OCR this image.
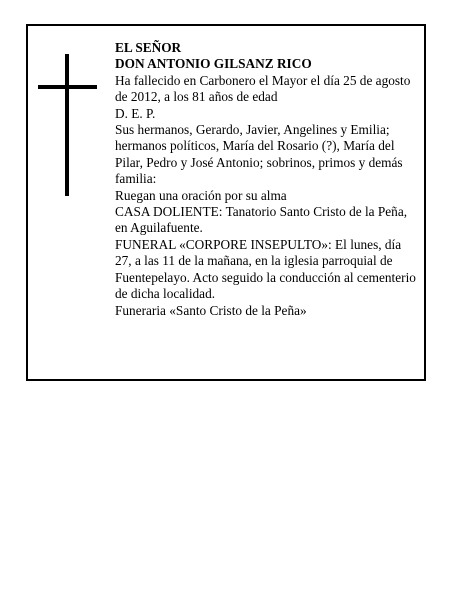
EL SEÑOR

DON ANTONIO GILSANZ RICO

Ha fallecido en Carbonero el Mayor el día 25 de agosto de 2012, a los 81 años de edad

D. E. P.

Sus hermanos, Gerardo, Javier, Angelines y Emilia; hermanos políticos, María del Rosario (?), María del Pilar, Pedro y José Antonio; sobrinos, primos y demás familia:

Ruegan una oración por su alma

CASA DOLIENTE: Tanatorio Santo Cristo de la Peña, en Aguilafuente.

FUNERAL «CORPORE INSEPULTO»: El lunes, día 27, a las 11 de la mañana, en la iglesia parroquial de Fuentepelayo. Acto seguido la conducción al cementerio de dicha localidad.

Funeraria «Santo Cristo de la Peña»
